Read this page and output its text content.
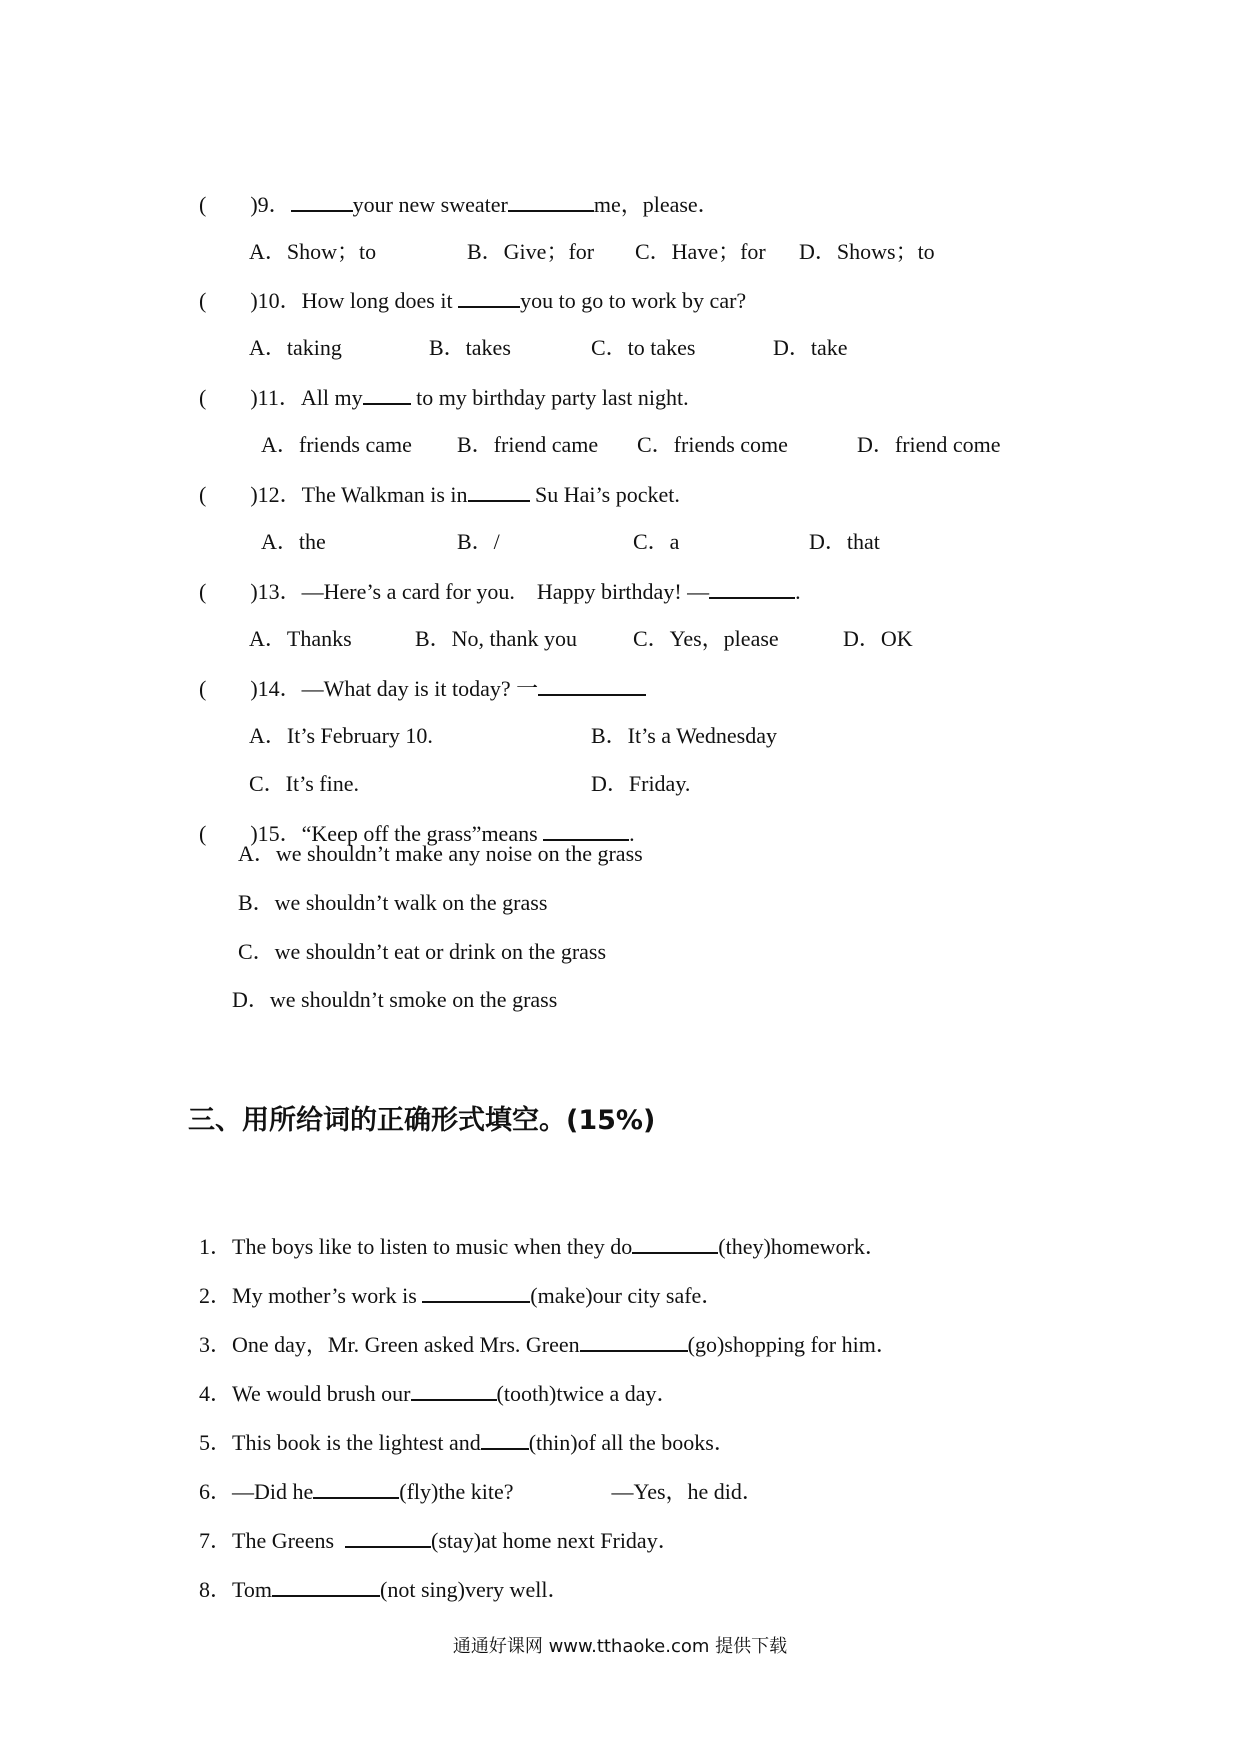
( )9．	your new sweater	me，please．

A．Show；to	B．Give；for C．Have；for D．Shows；to

( )10．How long does it	you to go to work by car?

A．taking	B．takes	C．to takes	D．take

( )11．All my to my birthday party last night.

A．friends came B．friend came C．friends come	D．friend come

( )12．The Walkman is in	Su Hai’s pocket.

A．the	B．/	C．a	D．that

( )13．—Here’s a card for you.    Happy birthday! —	.

A．Thanks	B．No, thank you	C．Yes，please	D．OK

( )14．—What day is it today? 一

A．It’s February 10.	B．It’s a Wednesday

C．It’s fine.	D．Friday.

( )15．“Keep off the grass”means	.

A．we shouldn’t make any noise on the grass
B．we shouldn’t walk on the grass
C．we shouldn’t eat or drink on the grass
D．we shouldn’t smoke on the grass
三、用所给词的正确形式填空。(15%)

1．The boys like to listen to music when they do	(they)homework．

2．My mother’s work is	(make)our city safe．

3．One day，Mr. Green asked Mrs. Green	(go)shopping for him．

4．We would brush our	(tooth)twice a day．

5．This book is the lightest and (thin)of all the books．

6．—Did he	(fly)the kite?	—Yes，he did．

7．The Greens	(stay)at home next Friday．

8．Tom	(not sing)very well．

通通好课网 www.tthaoke.com 提供下载
